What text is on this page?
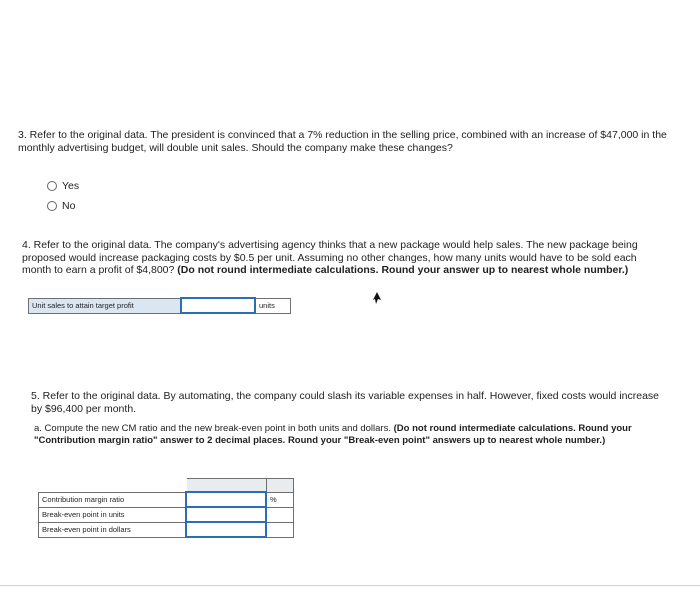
3. Refer to the original data. The president is convinced that a 7% reduction in the selling price, combined with an increase of $47,000 in the monthly advertising budget, will double unit sales. Should the company make these changes?
Yes
No
4. Refer to the original data. The company's advertising agency thinks that a new package would help sales. The new package being proposed would increase packaging costs by $0.5 per unit. Assuming no other changes, how many units would have to be sold each month to earn a profit of $4,800? (Do not round intermediate calculations. Round your answer up to nearest whole number.)
Unit sales to attain target profit		units
5. Refer to the original data. By automating, the company could slash its variable expenses in half. However, fixed costs would increase by $96,400 per month.
a. Compute the new CM ratio and the new break-even point in both units and dollars. (Do not round intermediate calculations. Round your "Contribution margin ratio" answer to 2 decimal places. Round your "Break-even point" answers up to nearest whole number.)

Contribution margin ratio		%
Break-even point in units		
Break-even point in dollars		
